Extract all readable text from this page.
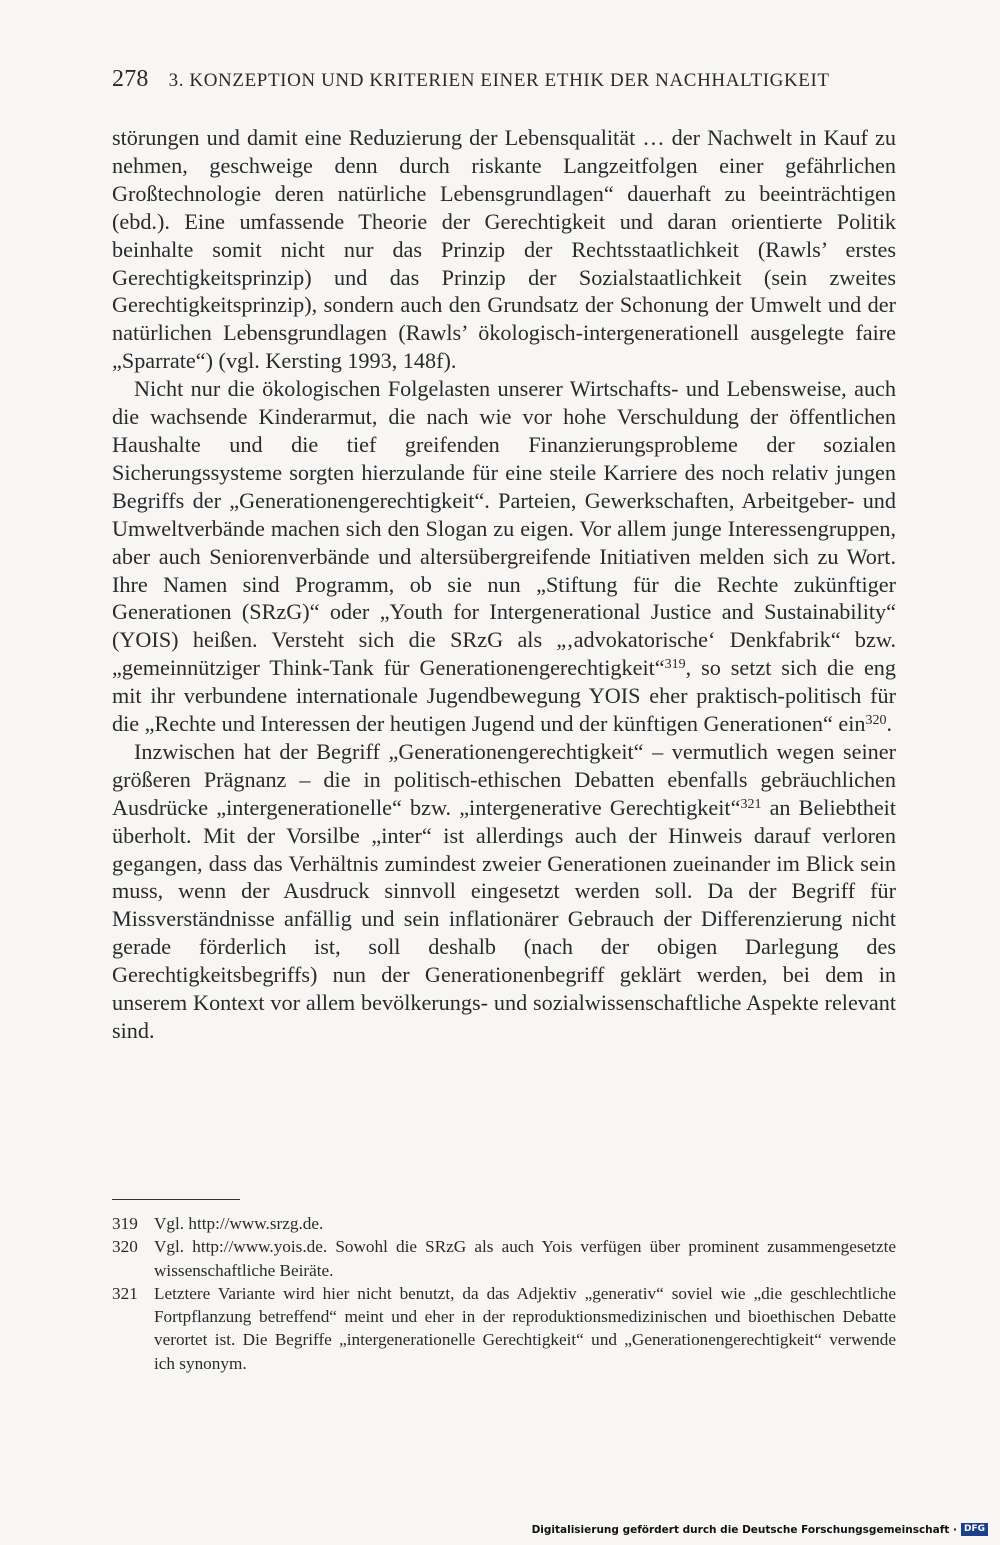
278 3. KONZEPTION UND KRITERIEN EINER ETHIK DER NACHHALTIGKEIT

störungen und damit eine Reduzierung der Lebensqualität … der Nachwelt in Kauf zu nehmen, geschweige denn durch riskante Langzeitfolgen einer gefährlichen Großtechnologie deren natürliche Lebensgrundlagen“ dauerhaft zu beeinträchtigen (ebd.). Eine umfassende Theorie der Gerechtigkeit und daran orientierte Politik beinhalte somit nicht nur das Prinzip der Rechtsstaatlichkeit (Rawls’ erstes Gerechtigkeitsprinzip) und das Prinzip der Sozialstaatlichkeit (sein zweites Gerechtigkeitsprinzip), sondern auch den Grundsatz der Schonung der Umwelt und der natürlichen Lebensgrundlagen (Rawls’ ökologisch-intergenerationell ausgelegte faire „Sparrate“) (vgl. Kersting 1993, 148f).

Nicht nur die ökologischen Folgelasten unserer Wirtschafts- und Lebensweise, auch die wachsende Kinderarmut, die nach wie vor hohe Verschuldung der öffentlichen Haushalte und die tief greifenden Finanzierungsprobleme der sozialen Sicherungssysteme sorgten hierzulande für eine steile Karriere des noch relativ jungen Begriffs der „Generationengerechtigkeit“. Parteien, Gewerkschaften, Arbeitgeber- und Umweltverbände machen sich den Slogan zu eigen. Vor allem junge Interessengruppen, aber auch Seniorenverbände und altersübergreifende Initiativen melden sich zu Wort. Ihre Namen sind Programm, ob sie nun „Stiftung für die Rechte zukünftiger Generationen (SRzG)“ oder „Youth for Intergenerational Justice and Sustainability“ (YOIS) heißen. Versteht sich die SRzG als „‚advokatorische‘ Denkfabrik“ bzw. „gemeinnütziger Think-Tank für Generationengerechtigkeit“$^{319}$, so setzt sich die eng mit ihr verbundene internationale Jugendbewegung YOIS eher praktisch-politisch für die „Rechte und Interessen der heutigen Jugend und der künftigen Generationen“ ein$^{320}$.

Inzwischen hat der Begriff „Generationengerechtigkeit“ – vermutlich wegen seiner größeren Prägnanz – die in politisch-ethischen Debatten ebenfalls gebräuchlichen Ausdrücke „intergenerationelle“ bzw. „intergenerative Gerechtigkeit“$^{321}$ an Beliebtheit überholt. Mit der Vorsilbe „inter“ ist allerdings auch der Hinweis darauf verloren gegangen, dass das Verhältnis zumindest zweier Generationen zueinander im Blick sein muss, wenn der Ausdruck sinnvoll eingesetzt werden soll. Da der Begriff für Missverständnisse anfällig und sein inflationärer Gebrauch der Differenzierung nicht gerade förderlich ist, soll deshalb (nach der obigen Darlegung des Gerechtigkeitsbegriffs) nun der Generationenbegriff geklärt werden, bei dem in unserem Kontext vor allem bevölkerungs- und sozialwissenschaftliche Aspekte relevant sind.

319 Vgl. http://www.srzg.de.
320 Vgl. http://www.yois.de. Sowohl die SRzG als auch Yois verfügen über prominent zusammengesetzte wissenschaftliche Beiräte.
321 Letztere Variante wird hier nicht benutzt, da das Adjektiv „generativ“ soviel wie „die geschlechtliche Fortpflanzung betreffend“ meint und eher in der reproduktionsmedizinischen und bioethischen Debatte verortet ist. Die Begriffe „intergenerationelle Gerechtigkeit“ und „Generationengerechtigkeit“ verwende ich synonym.
Digitalisierung gefördert durch die Deutsche Forschungsgemeinschaft · DFG
